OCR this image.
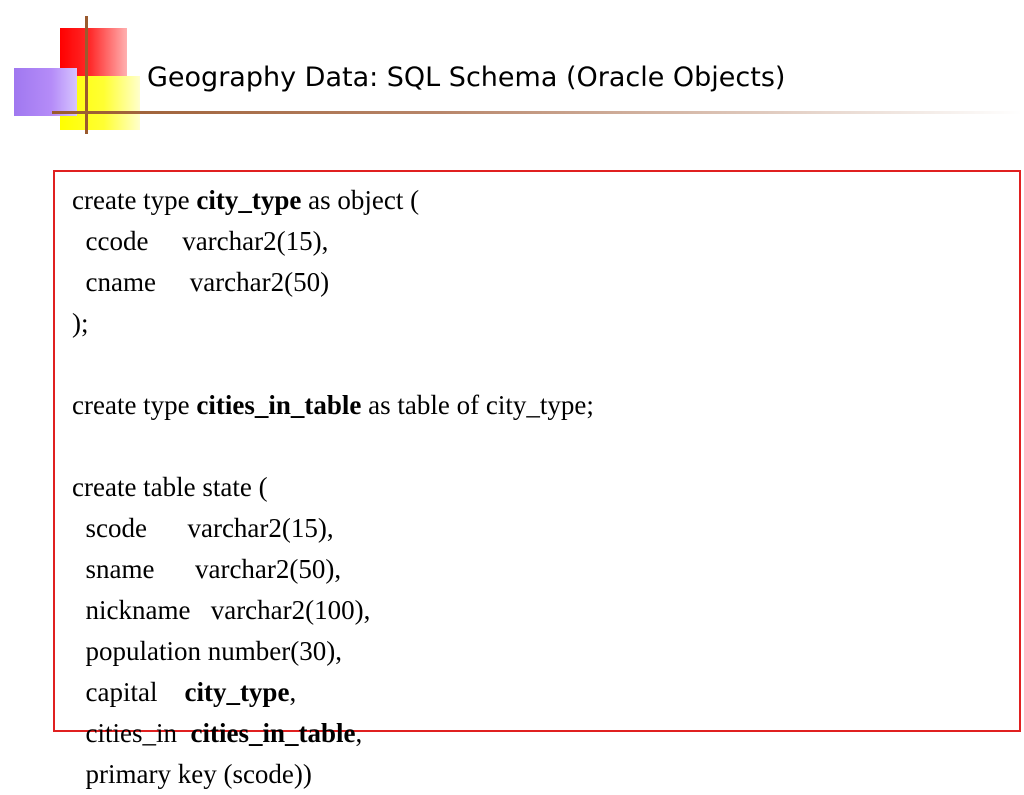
Geography Data: SQL Schema (Oracle Objects)
create type city_type as object (
ccode     varchar2(15),
cname     varchar2(50)
);
create type cities_in_table as table of city_type;
create table state (
scode      varchar2(15),
sname      varchar2(50),
nickname   varchar2(100),
population number(30),
capital    city_type,
cities_in  cities_in_table,
primary key (scode))
